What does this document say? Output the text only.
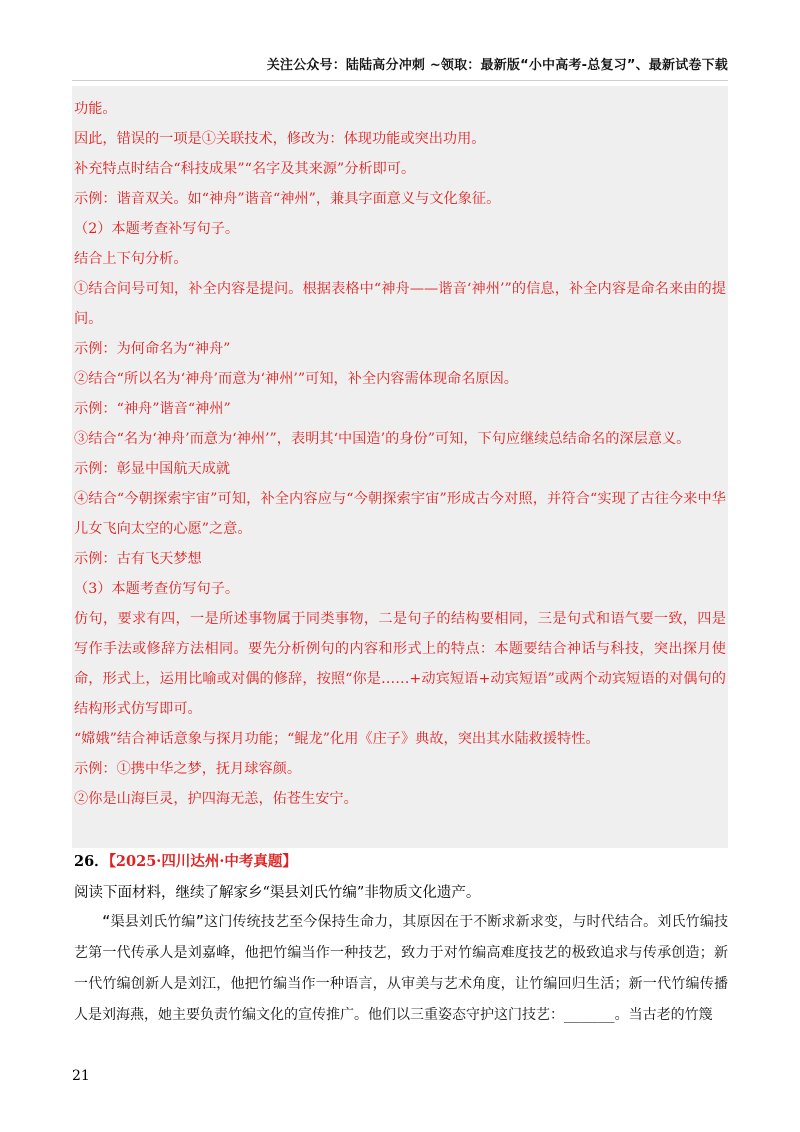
关注公众号：陆陆高分冲刺 ~领取：最新版“小中高考-总复习”、最新试卷下载

功能。

因此，错误的一项是①关联技术，修改为：体现功能或突出功用。

补充特点时结合“科技成果”“名字及其来源”分析即可。

示例：谐音双关。如“神舟”谐音“神州”，兼具字面意义与文化象征。

（2）本题考查补写句子。

结合上下句分析。

①结合问号可知，补全内容是提问。根据表格中“神舟——谐音‘神州’”的信息，补全内容是命名来由的提问。

示例：为何命名为“神舟”

②结合“所以名为‘神舟’而意为‘神州’”可知，补全内容需体现命名原因。

示例：“神舟”谐音“神州”

③结合“名为‘神舟’而意为‘神州’”，表明其‘中国造’的身份”可知，下句应继续总结命名的深层意义。

示例：彰显中国航天成就

④结合“今朝探索宇宙”可知，补全内容应与“今朝探索宇宙”形成古今对照，并符合“实现了古往今来中华儿女飞向太空的心愿”之意。

示例：古有飞天梦想

（3）本题考查仿写句子。

仿句，要求有四，一是所述事物属于同类事物，二是句子的结构要相同，三是句式和语气要一致，四是写作手法或修辞方法相同。要先分析例句的内容和形式上的特点：本题要结合神话与科技，突出探月使命，形式上，运用比喻或对偶的修辞，按照“你是……+动宾短语+动宾短语”或两个动宾短语的对偶句的结构形式仿写即可。

“嫦娥”结合神话意象与探月功能；“鲲龙”化用《庄子》典故，突出其水陆救援特性。

示例：①携中华之梦，抚月球容颜。

②你是山海巨灵，护四海无恙，佑苍生安宁。

26．【2025·四川达州·中考真题】
阅读下面材料，继续了解家乡“渠县刘氏竹编”非物质文化遗产。
“渠县刘氏竹编”这门传统技艺至今保持生命力，其原因在于不断求新求变，与时代结合。刘氏竹编技艺第一代传承人是刘嘉峰，他把竹编当作一种技艺，致力于对竹编高难度技艺的极致追求与传承创造；新一代竹编创新人是刘江，他把竹编当作一种语言，从审美与艺术角度，让竹编回归生活；新一代竹编传播人是刘海燕，她主要负责竹编文化的宣传推广。他们以三重姿态守护这门技艺：______。当古老的竹篾
21
